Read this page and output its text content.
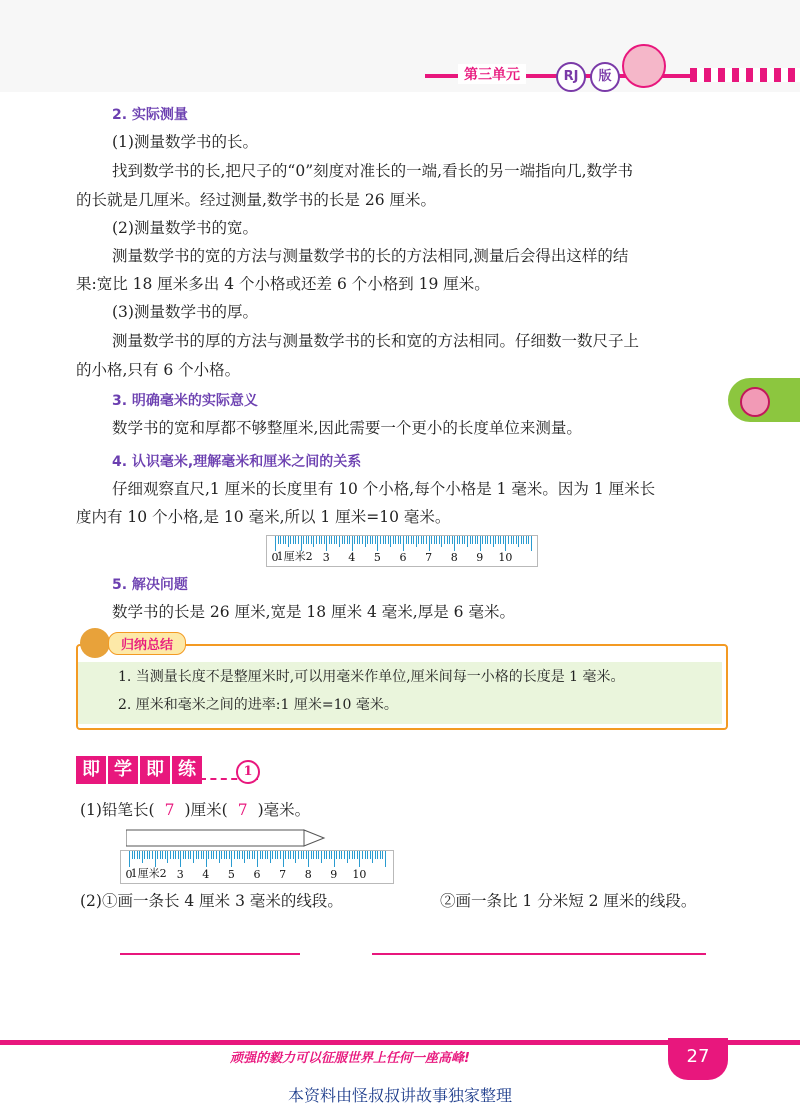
第三单元	RJ	版
2. 实际测量
(1)测量数学书的长。
找到数学书的长,把尺子的“0”刻度对准长的一端,看长的另一端指向几,数学书
的长就是几厘米。经过测量,数学书的长是 26 厘米。
(2)测量数学书的宽。
测量数学书的宽的方法与测量数学书的长的方法相同,测量后会得出这样的结
果:宽比 18 厘米多出 4 个小格或还差 6 个小格到 19 厘米。
(3)测量数学书的厚。
测量数学书的厚的方法与测量数学书的长和宽的方法相同。仔细数一数尺子上
的小格,只有 6 个小格。
3. 明确毫米的实际意义
数学书的宽和厚都不够整厘米,因此需要一个更小的长度单位来测量。
4. 认识毫米,理解毫米和厘米之间的关系
仔细观察直尺,1 厘米的长度里有 10 个小格,每个小格是 1 毫米。因为 1 厘米长
度内有 10 个小格,是 10 毫米,所以 1 厘米=10 毫米。
0
1厘米2 3 4 5 6 7 8 9 10
5. 解决问题
数学书的长是 26 厘米,宽是 18 厘米 4 毫米,厚是 6 毫米。
归纳总结
1. 当测量长度不是整厘米时,可以用毫米作单位,厘米间每一小格的长度是 1 毫米。
2. 厘米和毫米之间的进率:1 厘米=10 毫米。
即 学 即 练	1
(1)铅笔长( 7 )厘米( 7 )毫米。
0
1厘米2 3 4 5 6 7 8 9 10
(2)①画一条长 4 厘米 3 毫米的线段。	②画一条比 1 分米短 2 厘米的线段。
顽强的毅力可以征服世界上任何一座高峰!	27
本资料由怪叔叔讲故事独家整理
